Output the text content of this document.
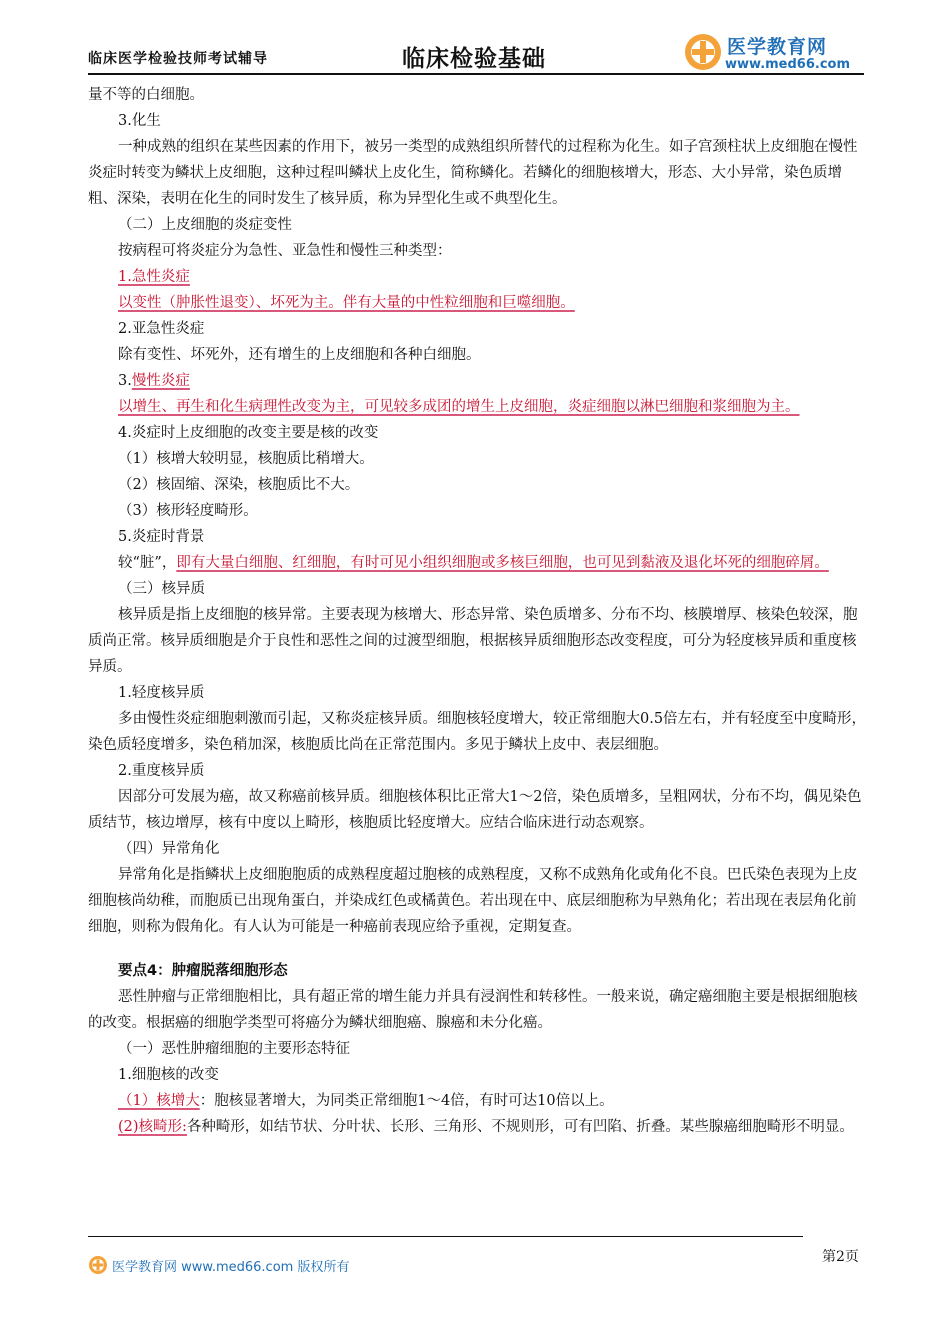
临床医学检验技师考试辅导	临床检验基础	医学教育网
www.med66.com

量不等的白细胞。

3.化生

一种成熟的组织在某些因素的作用下，被另一类型的成熟组织所替代的过程称为化生。如子宫颈柱状上皮细胞在慢性炎症时转变为鳞状上皮细胞，这种过程叫鳞状上皮化生，简称鳞化。若鳞化的细胞核增大，形态、大小异常，染色质增粗、深染，表明在化生的同时发生了核异质，称为异型化生或不典型化生。

（二）上皮细胞的炎症变性

按病程可将炎症分为急性、亚急性和慢性三种类型：

1.急性炎症

以变性（肿胀性退变）、坏死为主。伴有大量的中性粒细胞和巨噬细胞。

2.亚急性炎症

除有变性、坏死外，还有增生的上皮细胞和各种白细胞。

3.慢性炎症

以增生、再生和化生病理性改变为主，可见较多成团的增生上皮细胞，炎症细胞以淋巴细胞和浆细胞为主。

4.炎症时上皮细胞的改变主要是核的改变

（1）核增大较明显，核胞质比稍增大。

（2）核固缩、深染，核胞质比不大。

（3）核形轻度畸形。

5.炎症时背景

较“脏”，即有大量白细胞、红细胞，有时可见小组织细胞或多核巨细胞，也可见到黏液及退化坏死的细胞碎屑。

（三）核异质

核异质是指上皮细胞的核异常。主要表现为核增大、形态异常、染色质增多、分布不均、核膜增厚、核染色较深，胞质尚正常。核异质细胞是介于良性和恶性之间的过渡型细胞，根据核异质细胞形态改变程度，可分为轻度核异质和重度核异质。

1.轻度核异质

多由慢性炎症细胞刺激而引起，又称炎症核异质。细胞核轻度增大，较正常细胞大0.5倍左右，并有轻度至中度畸形，染色质轻度增多，染色稍加深，核胞质比尚在正常范围内。多见于鳞状上皮中、表层细胞。

2.重度核异质

因部分可发展为癌，故又称癌前核异质。细胞核体积比正常大1～2倍，染色质增多，呈粗网状，分布不均，偶见染色质结节，核边增厚，核有中度以上畸形，核胞质比轻度增大。应结合临床进行动态观察。

（四）异常角化

异常角化是指鳞状上皮细胞胞质的成熟程度超过胞核的成熟程度，又称不成熟角化或角化不良。巴氏染色表现为上皮细胞核尚幼稚，而胞质已出现角蛋白，并染成红色或橘黄色。若出现在中、底层细胞称为早熟角化；若出现在表层角化前细胞，则称为假角化。有人认为可能是一种癌前表现应给予重视，定期复查。

要点4：肿瘤脱落细胞形态

恶性肿瘤与正常细胞相比，具有超正常的增生能力并具有浸润性和转移性。一般来说，确定癌细胞主要是根据细胞核的改变。根据癌的细胞学类型可将癌分为鳞状细胞癌、腺癌和未分化癌。

（一）恶性肿瘤细胞的主要形态特征

1.细胞核的改变

（1）核增大：胞核显著增大，为同类正常细胞1～4倍，有时可达10倍以上。

(2)核畸形:各种畸形，如结节状、分叶状、长形、三角形、不规则形，可有凹陷、折叠。某些腺癌细胞畸形不明显。

医学教育网 www.med66.com 版权所有
第2页
